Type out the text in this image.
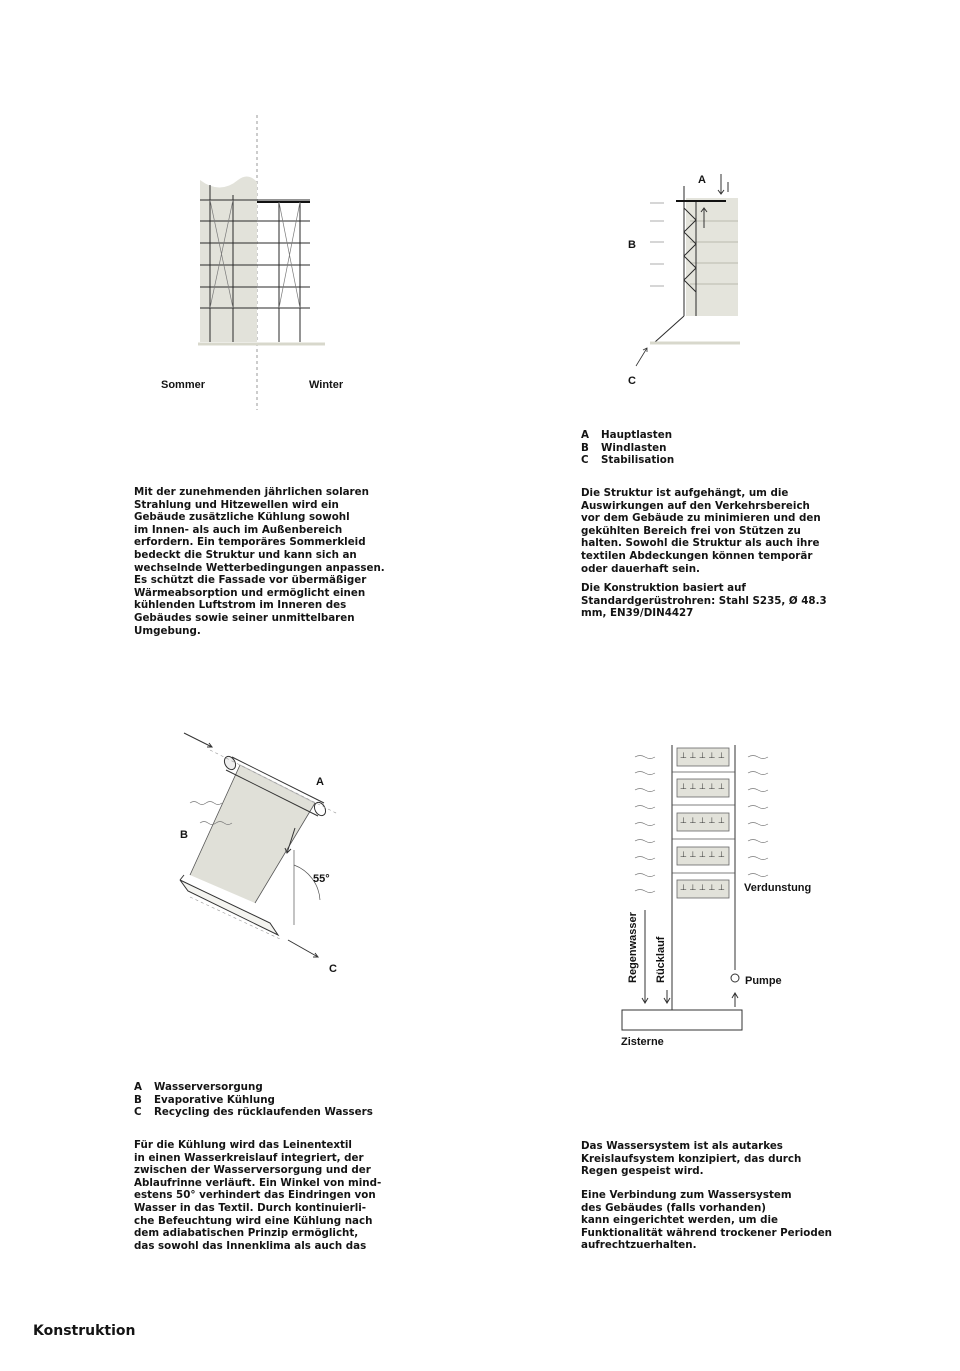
Sommer	Winter
A
B
C
A	Hauptlasten
B	Windlasten
C	Stabilisation

Mit der zunehmenden jährlichen solaren
Strahlung und Hitzewellen wird ein
Gebäude zusätzliche Kühlung sowohl
im Innen- als auch im Außenbereich
erfordern. Ein temporäres Sommerkleid
bedeckt die Struktur und kann sich an
wechselnde Wetterbedingungen anpassen.
Es schützt die Fassade vor übermäßiger
Wärmeabsorption und ermöglicht einen
kühlenden Luftstrom im Inneren des
Gebäudes sowie seiner unmittelbaren
Umgebung.

Die Struktur ist aufgehängt, um die
Auswirkungen auf den Verkehrsbereich
vor dem Gebäude zu minimieren und den
gekühlten Bereich frei von Stützen zu
halten. Sowohl die Struktur als auch ihre
textilen Abdeckungen können temporär
oder dauerhaft sein.

Die Konstruktion basiert auf
Standardgerüstrohren: Stahl S235, Ø 48.3
mm, EN39/DIN4427

A
B
C
55°
⊥ ⊥ ⊥ ⊥ ⊥
⊥ ⊥ ⊥ ⊥ ⊥
⊥ ⊥ ⊥ ⊥ ⊥
⊥ ⊥ ⊥ ⊥ ⊥
⊥ ⊥ ⊥ ⊥ ⊥ Verdunstung
Regenwasser Rücklauf	Pumpe
Zisterne
A	Wasserversorgung
B	Evaporative Kühlung
C	Recycling des rücklaufenden Wassers

Für die Kühlung wird das Leinentextil
in einen Wasserkreislauf integriert, der
zwischen der Wasserversorgung und der
Ablaufrinne verläuft. Ein Winkel von mind-
estens 50° verhindert das Eindringen von
Wasser in das Textil. Durch kontinuierli-
che Befeuchtung wird eine Kühlung nach
dem adiabatischen Prinzip ermöglicht,
das sowohl das Innenklima als auch das

Das Wassersystem ist als autarkes
Kreislaufsystem konzipiert, das durch
Regen gespeist wird.

Eine Verbindung zum Wassersystem
des Gebäudes (falls vorhanden)
kann eingerichtet werden, um die
Funktionalität während trockener Perioden
aufrechtzuerhalten.

Konstruktion
